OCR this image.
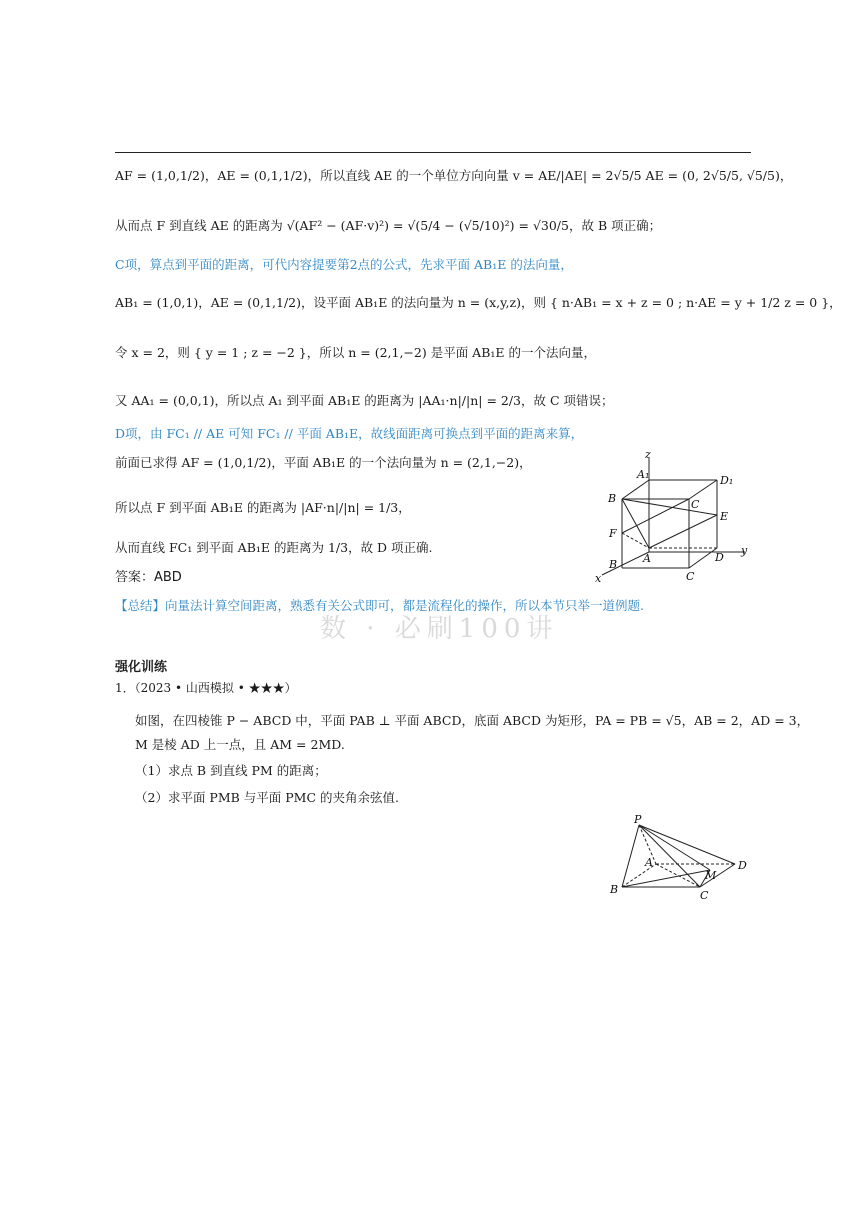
AF = (1,0,1/2)，AE = (0,1,1/2)，所以直线 AE 的一个单位方向向量 v = AE/|AE| = 2√5/5 AE = (0, 2√5/5, √5/5)，
从而点 F 到直线 AE 的距离为 √(AF² − (AF·v)²) = √(5/4 − (√5/10)²) = √30/5，故 B 项正确；
C项，算点到平面的距离，可代内容提要第2点的公式，先求平面 AB₁E 的法向量，
AB₁ = (1,0,1)，AE = (0,1,1/2)，设平面 AB₁E 的法向量为 n = (x,y,z)，则 { n·AB₁ = x + z = 0 ; n·AE = y + 1/2 z = 0 }，
令 x = 2，则 { y = 1 ; z = −2 }，所以 n = (2,1,−2) 是平面 AB₁E 的一个法向量，
又 AA₁ = (0,0,1)，所以点 A₁ 到平面 AB₁E 的距离为 |AA₁·n|/|n| = 2/3，故 C 项错误；
D项，由 FC₁ // AE 可知 FC₁ // 平面 AB₁E，故线面距离可换点到平面的距离来算，
前面已求得 AF = (1,0,1/2)，平面 AB₁E 的一个法向量为 n = (2,1,−2)，
所以点 F 到平面 AB₁E 的距离为 |AF·n|/|n| = 1/3，
从而直线 FC₁ 到平面 AB₁E 的距离为 1/3，故 D 项正确.
答案：ABD
【总结】向量法计算空间距离，熟悉有关公式即可，都是流程化的操作，所以本节只举一道例题.
数 · 必刷100讲
z
A₁	D₁
B	C
E
F
B A	D
C
x
y
强化训练
1．（2023 • 山西模拟 • ★★★）
如图，在四棱锥 P − ABCD 中，平面 PAB ⊥ 平面 ABCD，底面 ABCD 为矩形，PA = PB = √5，AB = 2，AD = 3，
M 是棱 AD 上一点，且 AM = 2MD.
（1）求点 B 到直线 PM 的距离；
（2）求平面 PMB 与平面 PMC 的夹角余弦值.
P
A
M
D
B	C
